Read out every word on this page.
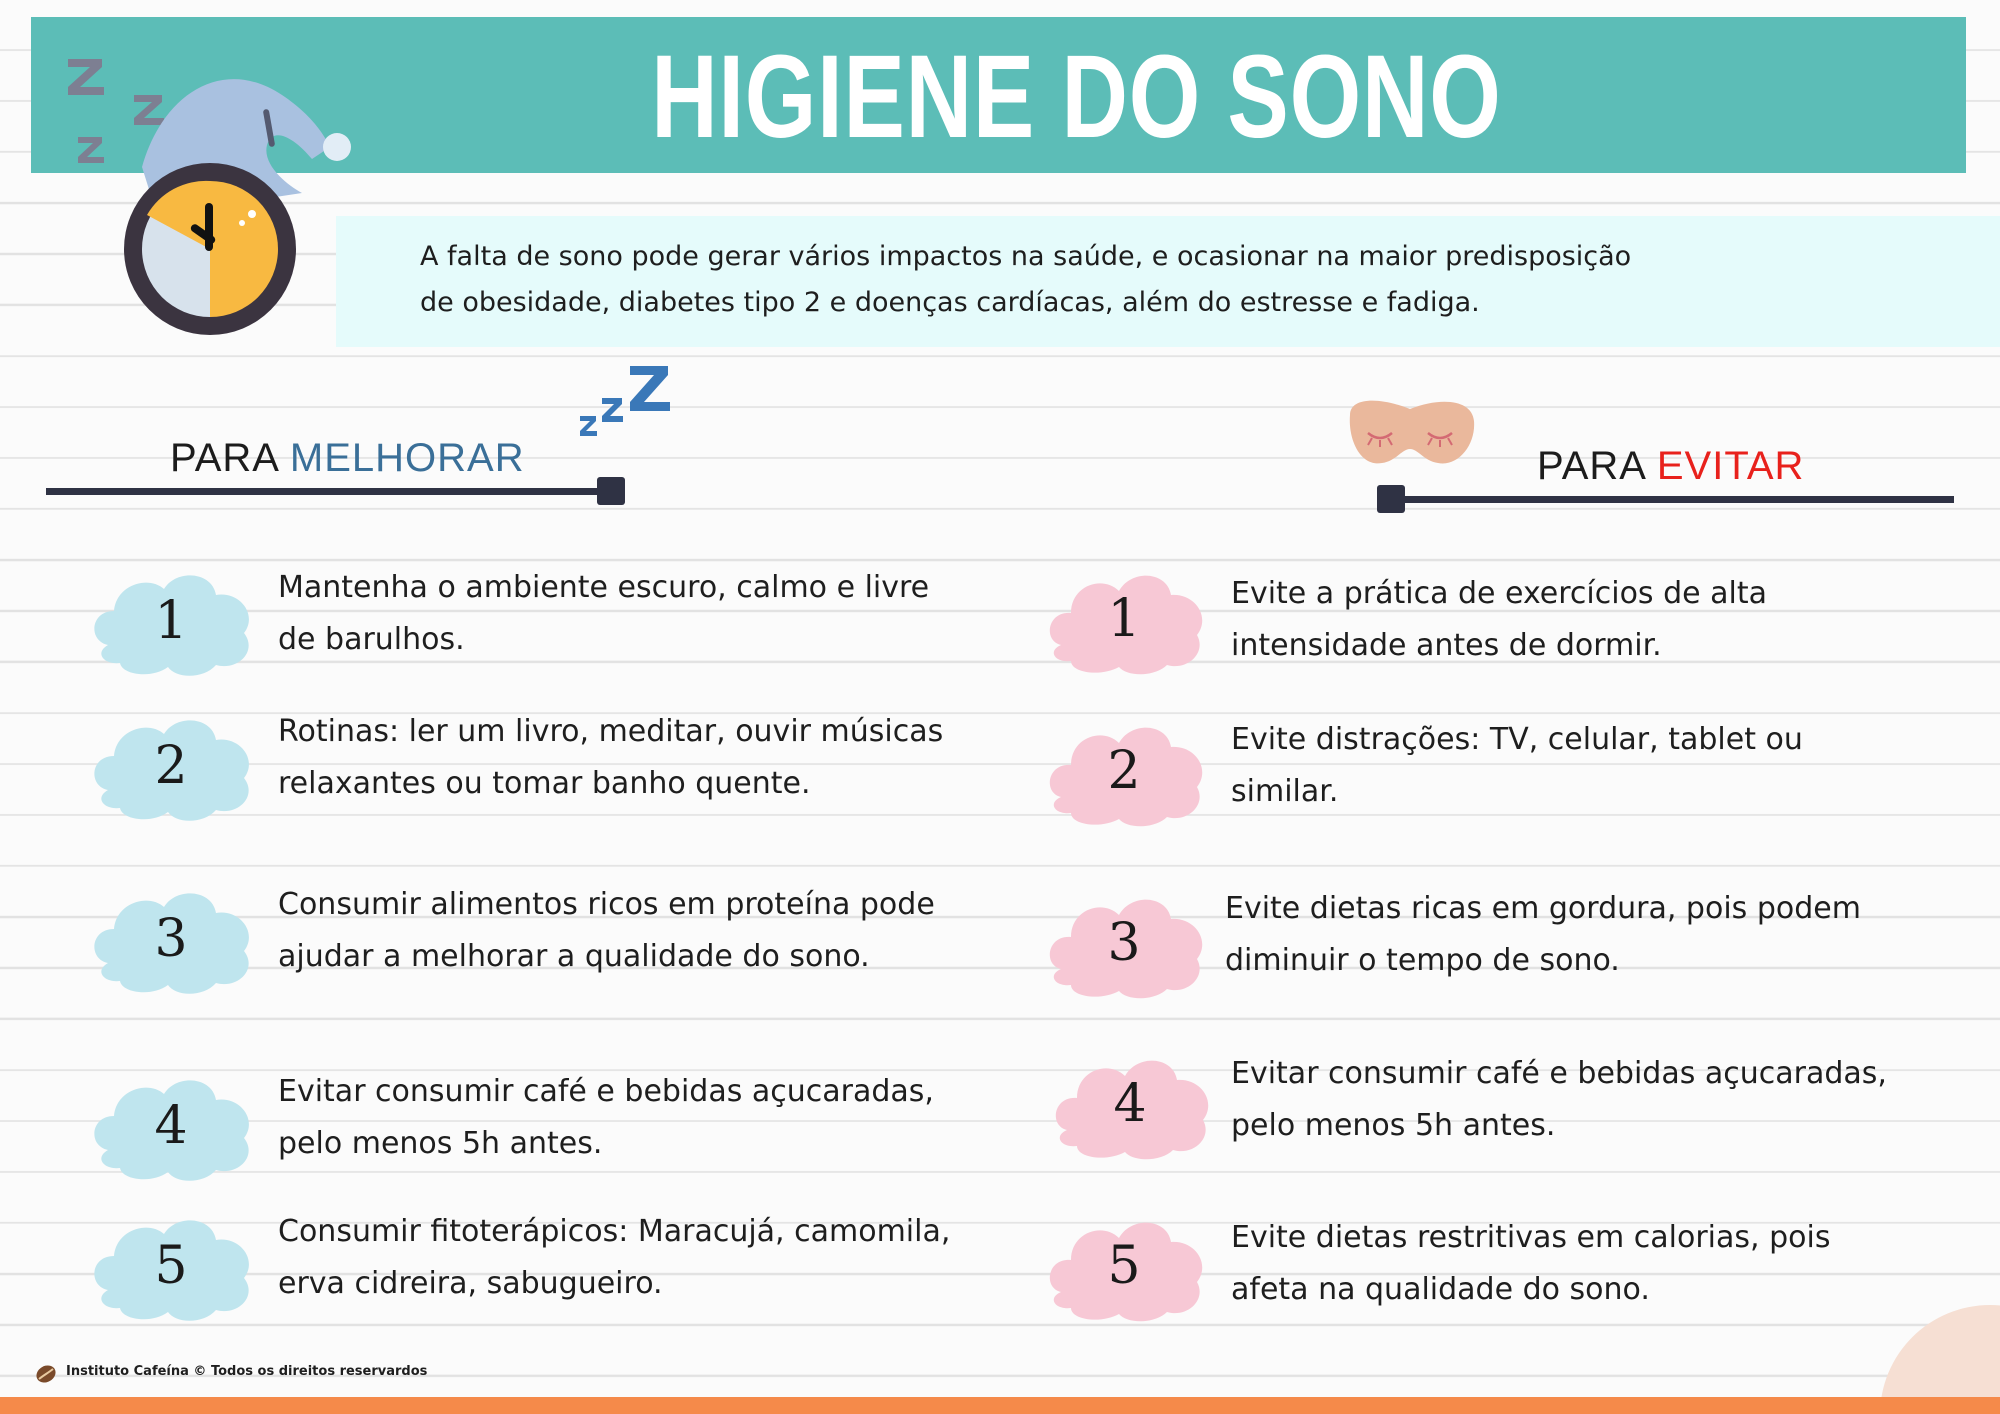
HIGIENE DO SONO
A falta de sono pode gerar vários impactos na saúde, e ocasionar na maior predisposição de obesidade, diabetes tipo 2 e doenças cardíacas, além do estresse e fadiga.
PARA MELHORAR	PARA EVITAR
1
Mantenha o ambiente escuro, calmo e livre de barulhos.
2
Rotinas: ler um livro, meditar, ouvir músicas relaxantes ou tomar banho quente.
3
Consumir alimentos ricos em proteína pode ajudar a melhorar a qualidade do sono.
4
Evitar consumir café e bebidas açucaradas, pelo menos 5h antes.
5
Consumir fitoterápicos: Maracujá, camomila, erva cidreira, sabugueiro.
1	Evite a prática de exercícios de alta intensidade antes de dormir.
2
Evite distrações: TV, celular, tablet ou similar.
3
Evite dietas ricas em gordura, pois podem diminuir o tempo de sono.
4
Evitar consumir café e bebidas açucaradas, pelo menos 5h antes.
5	Evite dietas restritivas em calorias, pois afeta na qualidade do sono.
Instituto Cafeína © Todos os direitos reservardos
